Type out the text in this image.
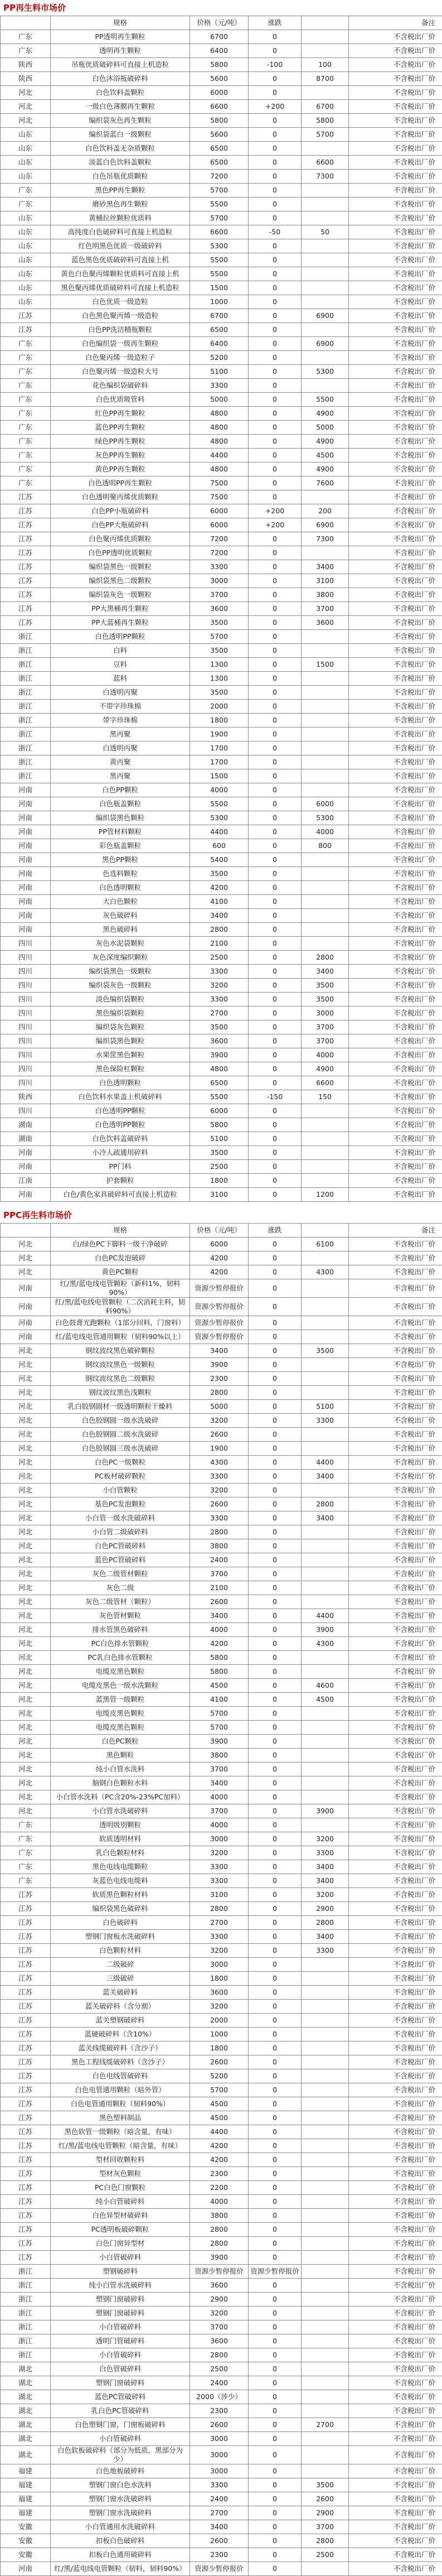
PP再生料市场价
	规格	价格（元/吨）	涨跌		备注
广东	PP透明再生颗粒	6700	0		不含税出厂价
广东	透明再生颗粒	6400	0		不含税出厂价
陕西	吊瓶优质破碎料可直接上机造粒	5800	-100	100	不含税出厂价
陕西	白色沐浴瓶破碎料	5600	0	8700	不含税出厂价
河北	白色饮料盖颗粒	6000	0		不含税出厂价
河北	一级白色薄膜再生颗粒	6600	+200	6700	不含税出厂价
河北	编织袋灰色再生颗粒	5800	0	5800	不含税出厂价
山东	编织袋蓝白一级颗粒	5600	0	5700	不含税出厂价
山东	白色饮料盖无杂质颗粒	6500	0		不含税出厂价
山东	淡蓝白色饮料盖颗粒	6500	0	6600	不含税出厂价
山东	白色吊瓶优质颗粒	7200	0	7300	不含税出厂价
广东	黑色PP再生颗粒	5700	0		不含税出厂价
广东	磨砂黑色再生颗粒	5500	0		不含税出厂价
山东	黄桶拉丝颗粒优质料	5700	0		不含税出厂价
山东	高纯度白色破碎料可直接上机造粒	6600	-50	50	不含税出厂价
山东	红色明黑色优质一级破碎料	5300	0		不含税出厂价
山东	蓝色黑色优质破碎料可直接上机	5500	0		不含税出厂价
山东	黄色白色聚丙烯颗粒优质料可直接上机	5500	0		不含税出厂价
山东	黑色聚丙烯优质破碎料可直接上机造粒	1500	0		不含税出厂价
山东	白色优质一级造粒	1000	0		不含税出厂价
江苏	白色黑色聚丙烯一级造粒	6700	0	6900	不含税出厂价
江苏	白色PP洗洁精瓶颗粒	6500	0		不含税出厂价
广东	白色编织袋一级再生颗粒	6400	0	6900	不含税出厂价
广东	白色聚丙烯一级造粒子	5200	0		不含税出厂价
广东	白色聚丙烯一级造粒大号	5100	0	5300	不含税出厂价
广东	花色编织袋破碎料	3300	0		不含税出厂价
广东	白色优质吸管料	5000	0	5500	不含税出厂价
广东	红色PP再生颗粒	4800	0	4900	不含税出厂价
广东	蓝色PP再生颗粒	4800	0	5000	不含税出厂价
广东	绿色PP再生颗粒	4800	0	4900	不含税出厂价
广东	灰色PP再生颗粒	4400	0	4500	不含税出厂价
广东	黄色PP再生颗粒	4800	0	4900	不含税出厂价
广东	白色透明PP再生颗粒	7500	0	7600	不含税出厂价
江苏	白色透明聚丙烯优质颗粒	7500	0		不含税出厂价
江苏	白色PP小瓶破碎料	6000	+200	200	不含税出厂价
江苏	白色PP大瓶破碎料	6000	+200	6900	不含税出厂价
江苏	白色聚丙烯优质颗粒	7200	0	7300	不含税出厂价
江苏	白色PP透明优质颗粒	7200	0		不含税出厂价
江苏	编织袋黑色一级颗粒	3300	0	3400	不含税出厂价
江苏	编织袋黑色二级颗粒	3000	0	3100	不含税出厂价
江苏	编织袋灰色一级颗粒	3700	0	3800	不含税出厂价
江苏	PP大黑桶再生颗粒	3600	0	3700	不含税出厂价
江苏	PP大蓝桶再生颗粒	3500	0	3600	不含税出厂价
浙江	白色透明PP颗粒	5700	0		不含税出厂价
浙江	白料	3500	0		不含税出厂价
浙江	豆料	1300	0	1500	不含税出厂价
浙江	蓝料	1300	0		不含税出厂价
浙江	白透明丙聚	3500	0		不含税出厂价
浙江	不带字珍珠棉	2000	0		不含税出厂价
浙江	带字珍珠棉	1800	0		不含税出厂价
浙江	黑丙聚	1900	0		不含税出厂价
浙江	白透明丙聚	1700	0		不含税出厂价
浙江	黄丙聚	1700	0		不含税出厂价
浙江	黑丙聚	1500	0		不含税出厂价
河南	白色PP颗粒	4000	0		不含税出厂价
河南	白色瓶盖颗粒	5500	0	6000	不含税出厂价
河南	编织袋黑色颗粒	5300	0	5300	不含税出厂价
河南	PP管材料颗粒	4400	0	4000	不含税出厂价
河南	彩色瓶盖颗粒	600	0	800	不含税出厂价
河南	黑色PP颗粒	5400	0		不含税出厂价
河南	色选料颗粒	3500	0		不含税出厂价
河南	白色透明颗粒	4200	0		不含税出厂价
河南	大白色颗粒	4100	0		不含税出厂价
河南	灰色破碎料	3400	0		不含税出厂价
河南	黑色破碎料	2800	0		不含税出厂价
四川	灰色水泥袋颗粒	2100	0		不含税出厂价
四川	灰色深度编织颗粒	2500	0	2800	不含税出厂价
四川	编织袋黑色一级颗粒	3300	0	3400	不含税出厂价
四川	编织袋灰色一级颗粒	3200	0	3500	不含税出厂价
四川	淡色编织袋颗粒	3300	0	3500	不含税出厂价
四川	黑色编织袋颗粒	2700	0	3000	不含税出厂价
四川	编织袋灰色颗粒	3500	0	3700	不含税出厂价
四川	编织袋黑色颗粒	3600	0	3700	不含税出厂价
四川	水果筐黑色颗粒	3900	0	4000	不含税出厂价
四川	黑色保险杠颗粒	4800	0	4900	不含税出厂价
四川	白色透明颗粒	6500	0	6600	不含税出厂价
陕西	白色饮料水果盖上机破碎料	5500	-150	150	不含税出厂价
四川	白色透明PP颗粒	6000	0		不含税出厂价
湖南	白色透明PP颗粒	5800	0		不含税出厂价
湖南	白色饮料盖破碎料	5100	0		不含税出厂价
河南	小冷人疏通用碎料	3500	0		不含税出厂价
河南	PP门料	2500	0		不含税出厂价
江南	护套颗粒	1800	0		不含税出厂价
河南	白色/黄色家具破碎料可直接上机造粒	3100	0	1200	不含税出厂价
PPC再生料市场价
	规格	价格（元/吨）	涨跌		备注
河北	白/绿色PC下脚料一级干净破碎	6000	0	6100	不含税出厂价
河北	白色PC发泡破碎	4200	0		不含税出厂价
河北	黄色PC颗粒	4200	0	4300	不含税出厂价
河南	红/黑/蓝电线电管颗粒（新料1%，韧料90%）	资源少暂停报价	0		不含税出厂价
河南	红/黑/蓝电线电管颗粒（二次消耗主料，韧料90%）	资源少暂停报价	0		不含税出厂价
河南	白色鼓膏光跑颗粒（1部分回料，门窗料）	资源少暂停报价	0		不含税出厂价
河南	红/蓝电线电管通用颗粒（韧料90%以上）	资源少暂停报价	0		不含税出厂价
河北	钢纹波纹黑色破碎颗粒	3400	0	3500	不含税出厂价
河北	钢纹波纹黑色一级颗粒	3900	0		不含税出厂价
河北	钢纹波纹黑色二级颗粒	2300	0		不含税出厂价
河北	钢纹波纹黑色浅颗粒	2800	0		不含税出厂价
河北	乳白胶钢圆材一级透明颗粒干燥料	5000	0	5100	不含税出厂价
河北	白色胶钢圆一级水洗破碎	3200	0	3300	不含税出厂价
河北	白色胶钢圆二级水洗破碎	2600	0		不含税出厂价
河北	白色胶钢圆三级水洗破碎	1900	0		不含税出厂价
河北	白色PC一级颗粒	4300	0	4400	不含税出厂价
河北	PC板材破碎颗粒	3300	0	3400	不含税出厂价
河北	小白管颗粒	3200	0		不含税出厂价
河北	基色PC发泡颗粒	2600	0	2800	不含税出厂价
河北	小白管一级水洗破碎料	3300	0	3400	不含税出厂价
河北	小白管二级破碎料	2800	0		不含税出厂价
河北	白色PC管破碎料	3800	0		不含税出厂价
河北	蓝色PC管破碎料	2400	0		不含税出厂价
河北	灰色二级管材颗粒	3700	0		不含税出厂价
河北	灰色二级	2100	0		不含税出厂价
河北	灰色二级管材（颗粒）	2600	0		不含税出厂价
河北	灰色管材颗粒	3400	0	4400	不含税出厂价
河北	排水管黑色破碎料	4000	0	3900	不含税出厂价
河北	PC白色排水管颗粒	4200	0	4300	不含税出厂价
河北	PC乳白色排水管颗粒	5800	0		不含税出厂价
河北	电缆皮黑色颗粒	5800	0		不含税出厂价
河北	电缆皮黑色一级水洗颗粒	4500	0	4600	不含税出厂价
河北	蓝黑管一级颗粒	4100	0	4500	不含税出厂价
河北	电缆皮黑色颗粒	5700	0		不含税出厂价
河北	电缆皮黑色颗粒	5700	0		不含税出厂价
河北	白色PC颗粒	3900	0		不含税出厂价
河北	黑色颗粒	3800	0		不含税出厂价
河北	纯小白管水洗料	3700	0		不含税出厂价
河北	脑钢白色颗粒水料	3400	0		不含税出厂价
河北	小白管水洗料（PC含20%-23%PC加料）	4000	0		不含税出厂价
河北	小白管水洗破碎料	3700	0	3900	不含税出厂价
广东	透明级别颗粒	4000	0		不含税出厂价
广东	软质透明材料	3000	0	3200	不含税出厂价
广东	乳白色颗粒材料	3200	0	3300	不含税出厂价
广东	黑色电线电缆颗粒	3300	0	3400	不含税出厂价
广东	灰蓝色电线电缆料	3300	0	3400	不含税出厂价
江苏	软质黑色颗粒材料	3100	0	3200	不含税出厂价
江苏	编织袋黑色破碎料	2800	0	2900	不含税出厂价
江苏	白色破碎料	2700	0	2800	不含税出厂价
江苏	塑钢门窗板水洗破碎料	3300	0	3400	不含税出厂价
江苏	白色颗粒材料	3200	0	3300	不含税出厂价
江苏	二级破碎	3000	0		不含税出厂价
江苏	三级破碎	1800	0		不含税出厂价
江苏	蓝关破碎料	3600	0		不含税出厂价
江苏	蓝关破碎料（含分割）	3200	0		不含税出厂价
江苏	蓝关塑钢破碎料	2000	0		不含税出厂价
江苏	蓝硬破碎料（含10%）	1000	0		不含税出厂价
江苏	蓝关线缆破碎料（含沙子）	1800	0		不含税出厂价
江苏	黑色工程线缆破碎料（含沙子）	2600	0		不含税出厂价
江苏	白色电线管破碎料	5200	0		不含税出厂价
江苏	白色电管通用颗粒（暗外管）	5700	0		不含税出厂价
江苏	白色电管通用颗粒（韧料90%）	4500	0		不含税出厂价
江苏	黑色塑料制品	4500	0		不含税出厂价
江苏	黑色软管一级颗粒（暗含量，有味）	4400	0		不含税出厂价
江苏	红/黑/蓝电线电管颗粒（暗含量，有味）	4200	0		不含税出厂价
江苏	型材回收颗粒料	4200	0		不含税出厂价
江苏	型材灰色颗粒	2300	0		不含税出厂价
江苏	PC白色门窗颗粒	2200	0		不含税出厂价
江苏	纯小白管破碎料	4000	0		不含税出厂价
江苏	白色异型材破碎料	3800	0		不含税出厂价
江苏	PC透明板破碎颗粒	2800	0		不含税出厂价
江苏	白色门窗异型材	2800	0		不含税出厂价
江苏	小白管破碎料	3900	0		不含税出厂价
浙江	塑钢破碎料	资源少暂停报价	资源少暂停报价		不含税出厂价
浙江	纯小白管水洗破碎料	3600	0		不含税出厂价
浙江	塑钢门窗破碎料	2900	0		不含税出厂价
浙江	塑钢门窗破碎料	3200	0		不含税出厂价
浙江	小白管破碎料	3700	0		不含税出厂价
浙江	透明门管破碎料	3600	0		不含税出厂价
浙江	小白管破碎料	2800	0		不含税出厂价
湖北	白色管破碎料	2500	0		不含税出厂价
湖北	塑钢门窗破碎料	2400	0		不含税出厂价
湖北	蓝色PC管破碎料	2000（涉少）	0		不含税出厂价
湖北	乳白色PC管破碎料	2300	0		不含税出厂价
湖北	白色塑钢门窗，门窗板破碎料	2600	0	2700	不含税出厂价
湖北	小白管破碎料	3000	0		不含税出厂价
湖北	白色软板破碎料（部分为低质，黑部分为少）	3000	0		不含税出厂价
福建	白色地板破碎料	3000	0		不含税出厂价
福建	塑钢门窗白色水洗料	3300	0	3500	不含税出厂价
福建	塑钢门窗水洗破碎料	2400	0	2600	不含税出厂价
福建	塑钢门窗水洗破碎料	2700	0	2900	不含税出厂价
安徽	小白管通用水洗破碎料	3400	0	3700	不含税出厂价
安徽	扣板白色破碎料	2600	0	2800	不含税出厂价
安徽	扣板白色通用破碎料	2300	0	2500	不含税出厂价
河南	红/黑/蓝电线电管颗粒（韧料，韧料90%）	资源少暂停报价	0		不含税出厂价
